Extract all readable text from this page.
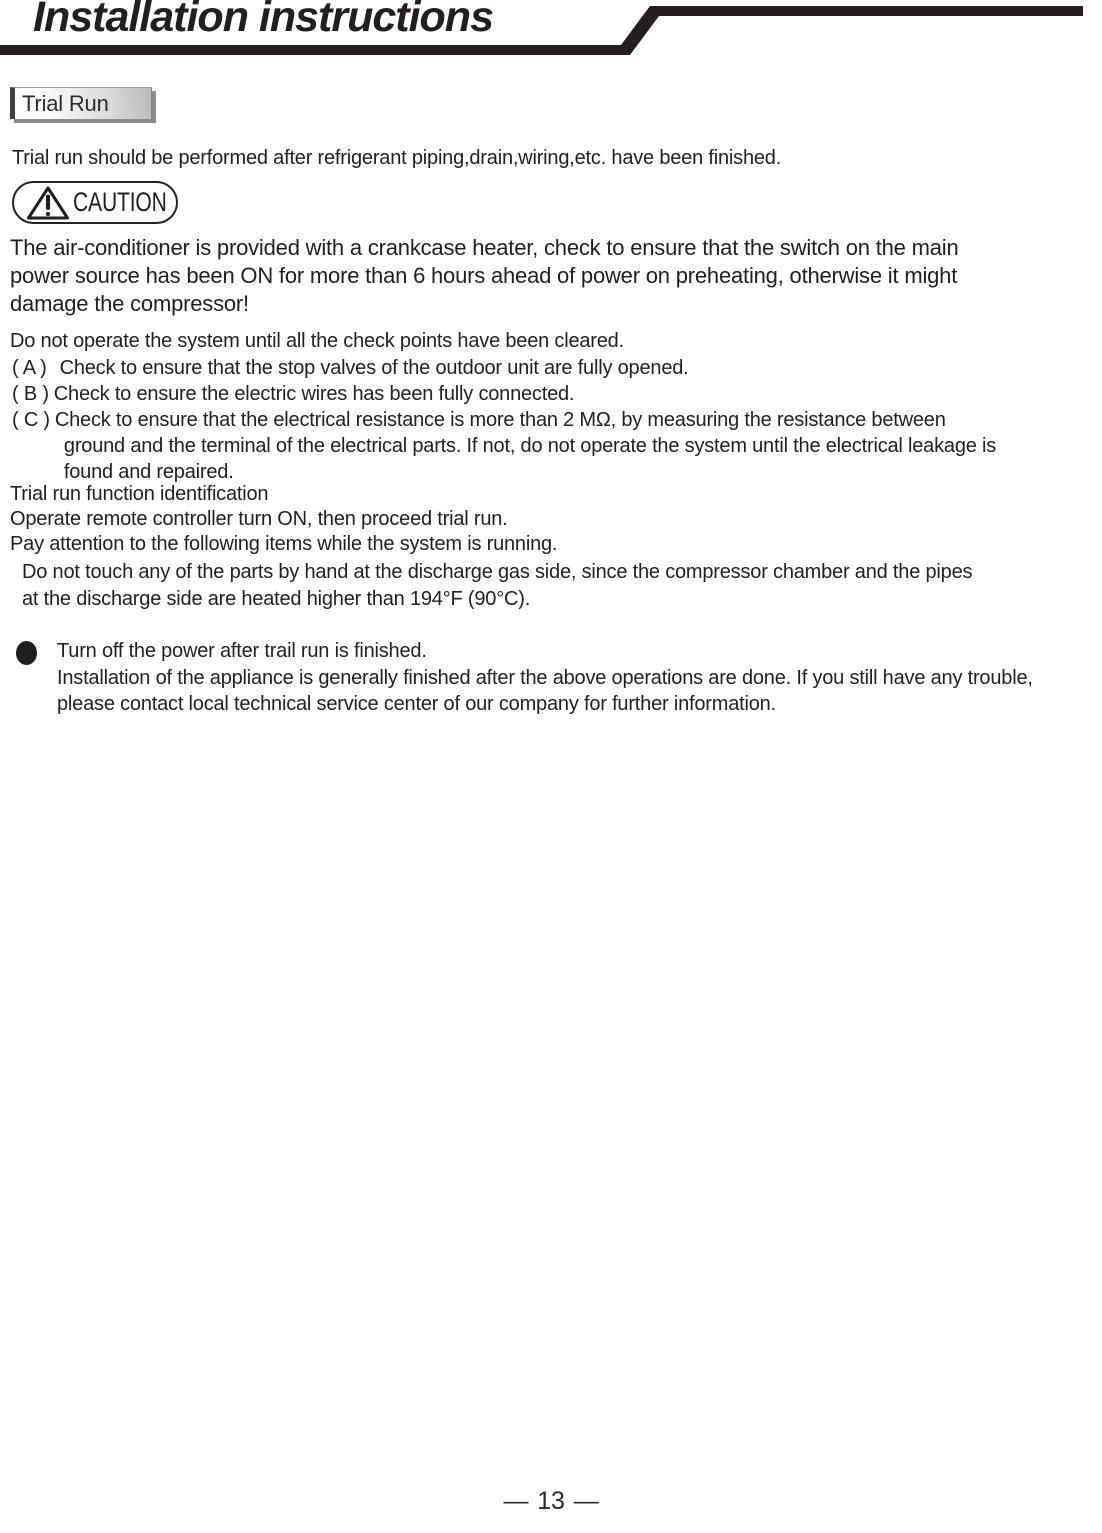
Installation instructions
Trial Run

Trial run should be performed after refrigerant piping,drain,wiring,etc. have been finished.

CAUTION
The air-conditioner is provided with a crankcase heater, check to ensure that the switch on the main
power source has been ON for more than 6 hours ahead of power on preheating, otherwise it might
damage the compressor!

Do not operate the system until all the check points have been cleared.

( A ) Check to ensure that the stop valves of the outdoor unit are fully opened.
( B ) Check to ensure the electric wires has been fully connected.
( C ) Check to ensure that the electrical resistance is more than 2 MΩ, by measuring the resistance between
ground and the terminal of the electrical parts. If not, do not operate the system until the electrical leakage is
found and repaired.

Trial run function identification

Operate remote controller turn ON, then proceed trial run.

Pay attention to the following items while the system is running.

Do not touch any of the parts by hand at the discharge gas side, since the compressor chamber and the pipes
at the discharge side are heated higher than 194°F (90°C).
Turn off the power after trail run is finished.
Installation of the appliance is generally finished after the above operations are done. If you still have any trouble,
please contact local technical service center of our company for further information.
— 13 —
